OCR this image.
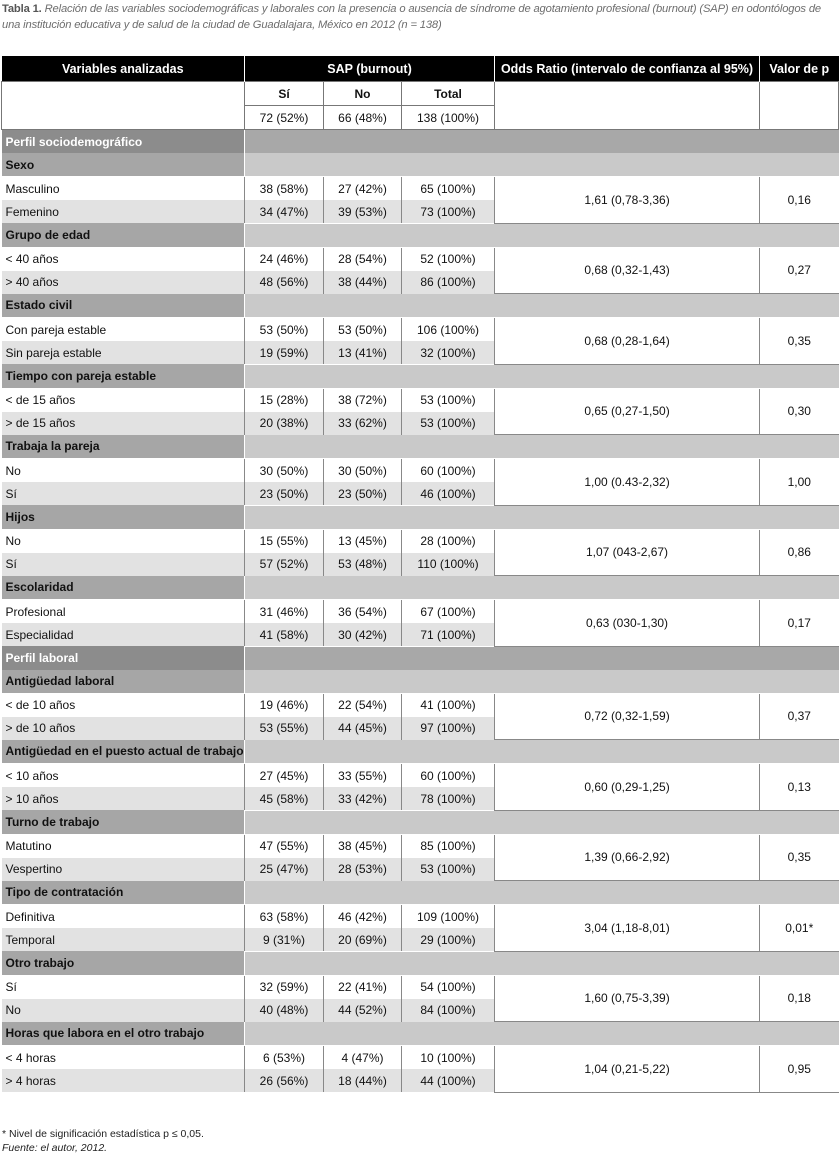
Tabla 1. Relación de las variables sociodemográficas y laborales con la presencia o ausencia de síndrome de agotamiento profesional (burnout) (SAP) en odontólogos de una institución educativa y de salud de la ciudad de Guadalajara, México en 2012 (n = 138)
Variables analizadas	SAP (burnout)			Odds Ratio (intervalo de confianza al 95%)	Valor de p
	Sí	No	Total		
	72 (52%)	66 (48%)	138 (100%)		
Perfil sociodemográfico					
Sexo					
Masculino	38 (58%)	27 (42%)	65 (100%)	1,61 (0,78-3,36)	0,16
Femenino	34 (47%)	39 (53%)	73 (100%)		
Grupo de edad					
< 40 años	24 (46%)	28 (54%)	52 (100%)	0,68 (0,32-1,43)	0,27
> 40 años	48 (56%)	38 (44%)	86 (100%)		
Estado civil					
Con pareja estable	53 (50%)	53 (50%)	106 (100%)	0,68 (0,28-1,64)	0,35
Sin pareja estable	19 (59%)	13 (41%)	32 (100%)		
Tiempo con pareja estable					
< de 15 años	15 (28%)	38 (72%)	53 (100%)	0,65 (0,27-1,50)	0,30
> de 15 años	20 (38%)	33 (62%)	53 (100%)		
Trabaja la pareja					
No	30 (50%)	30 (50%)	60 (100%)	1,00 (0.43-2,32)	1,00
Sí	23 (50%)	23 (50%)	46 (100%)		
Hijos					
No	15 (55%)	13 (45%)	28 (100%)	1,07 (043-2,67)	0,86
Sí	57 (52%)	53 (48%)	110 (100%)		
Escolaridad					
Profesional	31 (46%)	36 (54%)	67 (100%)	0,63 (030-1,30)	0,17
Especialidad	41 (58%)	30 (42%)	71 (100%)		
Perfil laboral					
Antigüedad laboral					
< de 10 años	19 (46%)	22 (54%)	41 (100%)	0,72 (0,32-1,59)	0,37
> de 10 años	53 (55%)	44 (45%)	97 (100%)		
Antigüedad en el puesto actual de trabajo					
< 10 años	27 (45%)	33 (55%)	60 (100%)	0,60 (0,29-1,25)	0,13
> 10 años	45 (58%)	33 (42%)	78 (100%)		
Turno de trabajo					
Matutino	47 (55%)	38 (45%)	85 (100%)	1,39 (0,66-2,92)	0,35
Vespertino	25 (47%)	28 (53%)	53 (100%)		
Tipo de contratación					
Definitiva	63 (58%)	46 (42%)	109 (100%)	3,04 (1,18-8,01)	0,01*
Temporal	9 (31%)	20 (69%)	29 (100%)		
Otro trabajo					
Sí	32 (59%)	22 (41%)	54 (100%)	1,60 (0,75-3,39)	0,18
No	40 (48%)	44 (52%)	84 (100%)		
Horas que labora en el otro trabajo					
< 4 horas	6 (53%)	4 (47%)	10 (100%)	1,04 (0,21-5,22)	0,95
> 4 horas	26 (56%)	18 (44%)	44 (100%)		
* Nivel de significación estadística p ≤ 0,05.
Fuente: el autor, 2012.
